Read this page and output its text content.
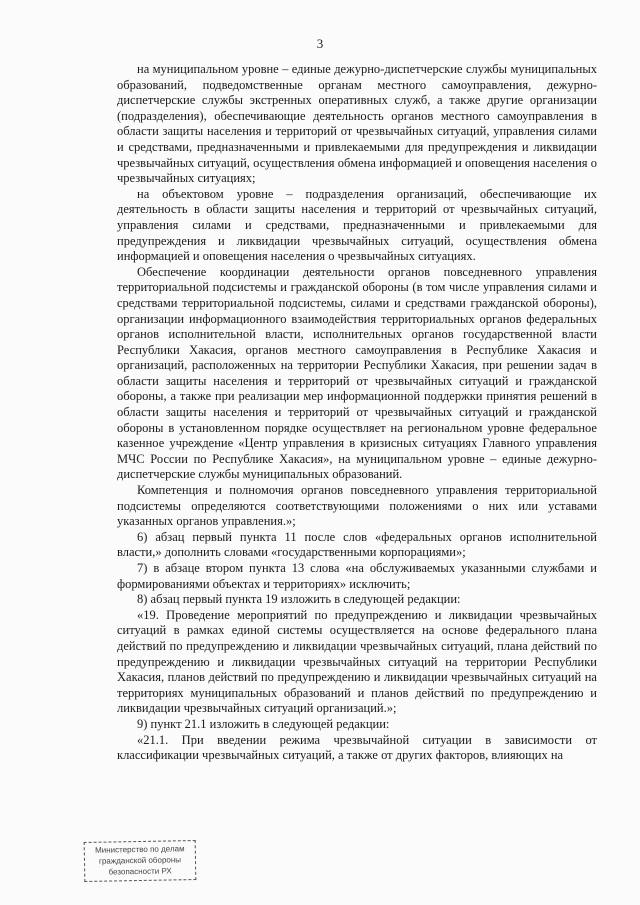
3

на муниципальном уровне – единые дежурно-диспетчерские службы муниципальных образований, подведомственные органам местного самоуправления, дежурно-диспетчерские службы экстренных оперативных служб, а также другие организации (подразделения), обеспечивающие деятельность органов местного самоуправления в области защиты населения и территорий от чрезвычайных ситуаций, управления силами и средствами, предназначенными и привлекаемыми для предупреждения и ликвидации чрезвычайных ситуаций, осуществления обмена информацией и оповещения населения о чрезвычайных ситуациях;

на объектовом уровне – подразделения организаций, обеспечивающие их деятельность в области защиты населения и территорий от чрезвычайных ситуаций, управления силами и средствами, предназначенными и привлекаемыми для предупреждения и ликвидации чрезвычайных ситуаций, осуществления обмена информацией и оповещения населения о чрезвычайных ситуациях.

Обеспечение координации деятельности органов повседневного управления территориальной подсистемы и гражданской обороны (в том числе управления силами и средствами территориальной подсистемы, силами и средствами гражданской обороны), организации информационного взаимодействия территориальных органов федеральных органов исполнительной власти, исполнительных органов государственной власти Республики Хакасия, органов местного самоуправления в Республике Хакасия и организаций, расположенных на территории Республики Хакасия, при решении задач в области защиты населения и территорий от чрезвычайных ситуаций и гражданской обороны, а также при реализации мер информационной поддержки принятия решений в области защиты населения и территорий от чрезвычайных ситуаций и гражданской обороны в установленном порядке осуществляет на региональном уровне федеральное казенное учреждение «Центр управления в кризисных ситуациях Главного управления МЧС России по Республике Хакасия», на муниципальном уровне – единые дежурно-диспетчерские службы муниципальных образований.

Компетенция и полномочия органов повседневного управления территориальной подсистемы определяются соответствующими положениями о них или уставами указанных органов управления.»;

6) абзац первый пункта 11 после слов «федеральных органов исполнительной власти,» дополнить словами «государственными корпорациями»;

7) в абзаце втором пункта 13 слова «на обслуживаемых указанными службами и формированиями объектах и территориях» исключить;

8) абзац первый пункта 19 изложить в следующей редакции:

«19. Проведение мероприятий по предупреждению и ликвидации чрезвычайных ситуаций в рамках единой системы осуществляется на основе федерального плана действий по предупреждению и ликвидации чрезвычайных ситуаций, плана действий по предупреждению и ликвидации чрезвычайных ситуаций на территории Республики Хакасия, планов действий по предупреждению и ликвидации чрезвычайных ситуаций на территориях муниципальных образований и планов действий по предупреждению и ликвидации чрезвычайных ситуаций организаций.»;

9) пункт 21.1 изложить в следующей редакции:

«21.1. При введении режима чрезвычайной ситуации в зависимости от классификации чрезвычайных ситуаций, а также от других факторов, влияющих на

Министерство по делам
гражданской обороны
безопасности РХ
